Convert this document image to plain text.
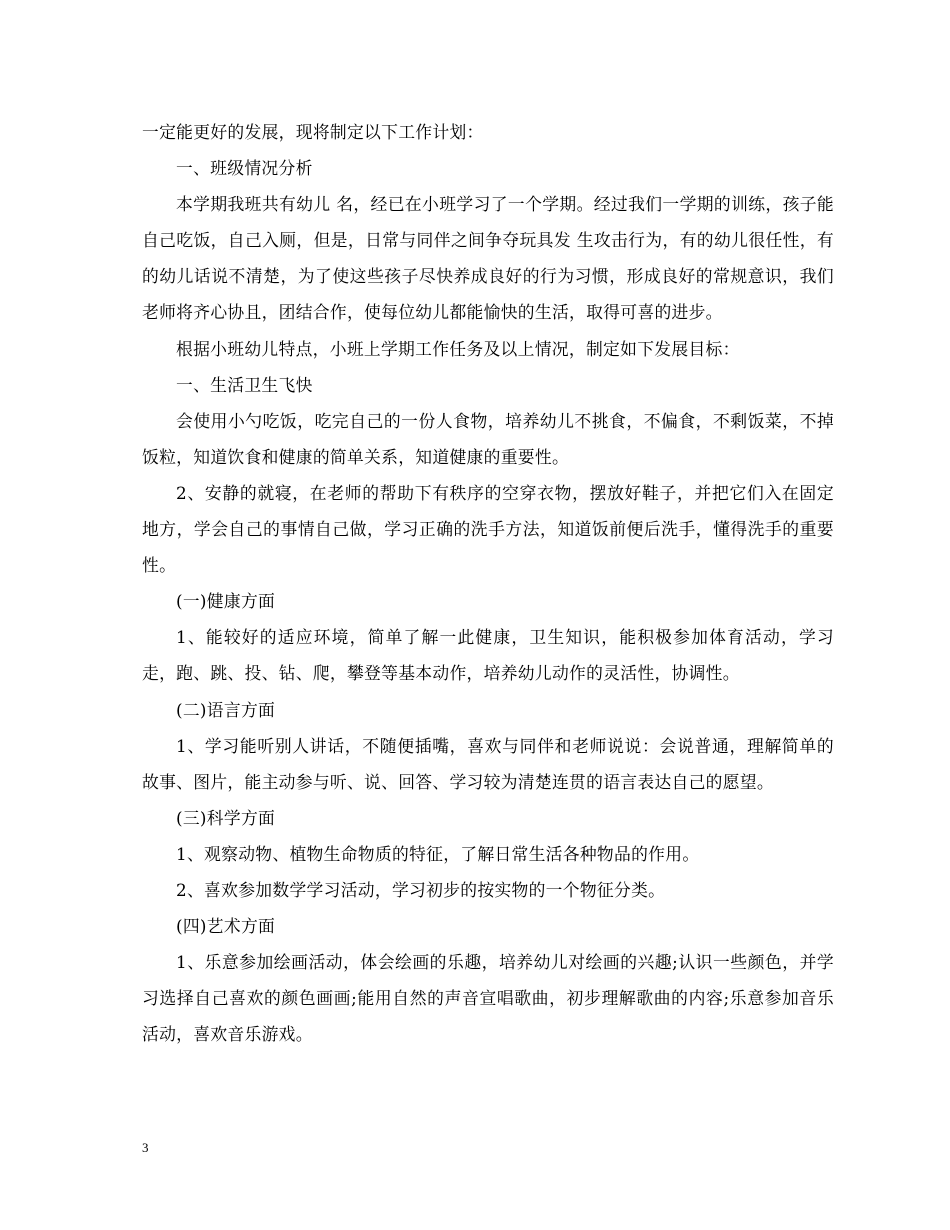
一定能更好的发展，现将制定以下工作计划：

一、班级情况分析

本学期我班共有幼儿 名，经已在小班学习了一个学期。经过我们一学期的训练，孩子能自己吃饭，自己入厕，但是，日常与同伴之间争夺玩具发 生攻击行为，有的幼儿很任性，有的幼儿话说不清楚，为了使这些孩子尽快养成良好的行为习惯，形成良好的常规意识，我们老师将齐心协且，团结合作，使每位幼儿都能愉快的生活，取得可喜的进步。

根据小班幼儿特点，小班上学期工作任务及以上情况，制定如下发展目标：

一、生活卫生飞快

会使用小勺吃饭，吃完自己的一份人食物，培养幼儿不挑食，不偏食，不剩饭菜，不掉饭粒，知道饮食和健康的简单关系，知道健康的重要性。

2、安静的就寝，在老师的帮助下有秩序的空穿衣物，摆放好鞋子，并把它们入在固定地方，学会自己的事情自己做，学习正确的洗手方法，知道饭前便后洗手，懂得洗手的重要性。

(一)健康方面

1、能较好的适应环境，简单了解一此健康，卫生知识，能积极参加体育活动，学习走，跑、跳、投、钻、爬，攀登等基本动作，培养幼儿动作的灵活性，协调性。

(二)语言方面

1、学习能听别人讲话，不随便插嘴，喜欢与同伴和老师说说：会说普通，理解简单的故事、图片，能主动参与听、说、回答、学习较为清楚连贯的语言表达自己的愿望。

(三)科学方面

1、观察动物、植物生命物质的特征，了解日常生活各种物品的作用。

2、喜欢参加数学学习活动，学习初步的按实物的一个物征分类。

(四)艺术方面

1、乐意参加绘画活动，体会绘画的乐趣，培养幼儿对绘画的兴趣;认识一些颜色，并学习选择自己喜欢的颜色画画;能用自然的声音宣唱歌曲，初步理解歌曲的内容;乐意参加音乐活动，喜欢音乐游戏。

3
